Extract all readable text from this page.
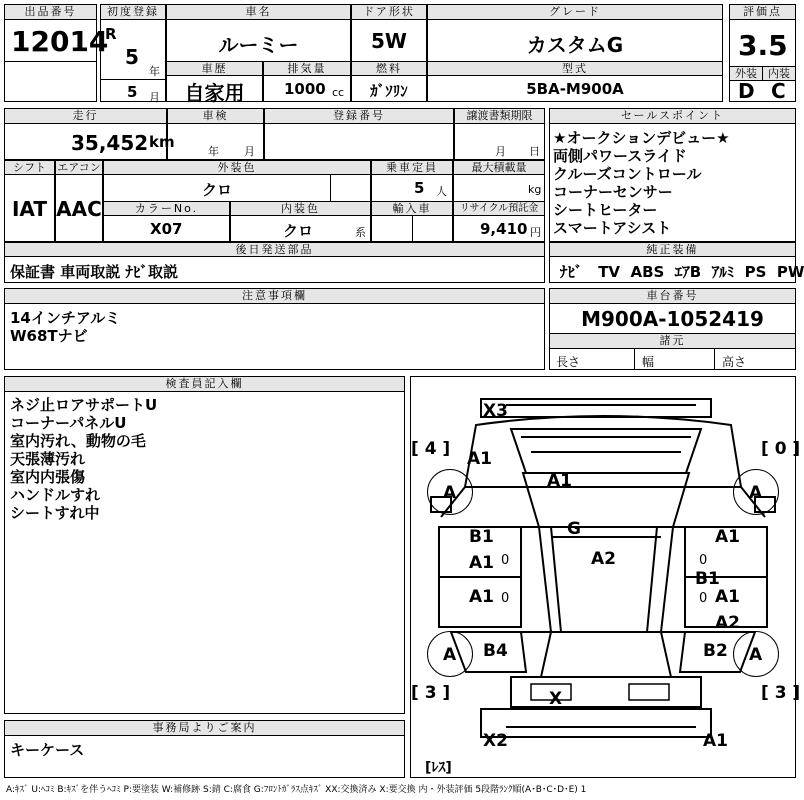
出品番号
12014
初度登録
R
5
年
5 月
車名
ルーミー
ドア形状
5W
グレード
カスタムG
評価点
3.5
外装	内装
D C
車歴
自家用
排気量
1000 cc
燃料
ｶﾞｿﾘﾝ
型式
5BA-M900A
走行
35,452 km
車検
年 月
登録番号	譲渡書類期限
月 日
シフト
IAT
エアコン
AAC
外装色
クロ
乗車定員
5 人
最大積載量
kg
カラーNo.
X07
内装色
クロ	系
輸入車	リサイクル預託金
9,410 円
セールスポイント
★オークションデビュー★
両側パワースライド
クルーズコントロール
コーナーセンサー
シートヒーター
スマートアシスト
後日発送部品
保証書 車両取説 ﾅﾋﾞ取説
純正装備
ﾅﾋﾞ TV ABS ｴｱB ｱﾙﾐ PS PW
注意事項欄
14インチアルミ
W68Tナビ
車台番号
M900A-1052419
諸元
長さ	幅	高さ
検査員記入欄
ネジ止ロアサポートU
コーナーパネルU
室内汚れ、動物の毛
天張薄汚れ
室内内張傷
ハンドルすれ
シートすれ中
事務局よりご案内
キーケース
[ 4 ]	[ 0 ]
[ 3 ]	[ 3 ]
[ﾚｽ]
X3
A1
A1
G
A2
A	A
A	A
B1
A1
A1
B4
A1
B1
A1
A2
B2
X
X2	A1
0
0
0
0
A:ｷｽﾞ U:ﾍｺﾐ B:ｷｽﾞを伴うﾍｺﾐ P:要塗装 W:補修跡 S:錆 C:腐食 G:ﾌﾛﾝﾄｶﾞﾗｽ点ｷｽﾞ XX:交換済み X:要交換 内・外装評価 5段階ﾗﾝｸ順(A･B･C･D･E) 1
